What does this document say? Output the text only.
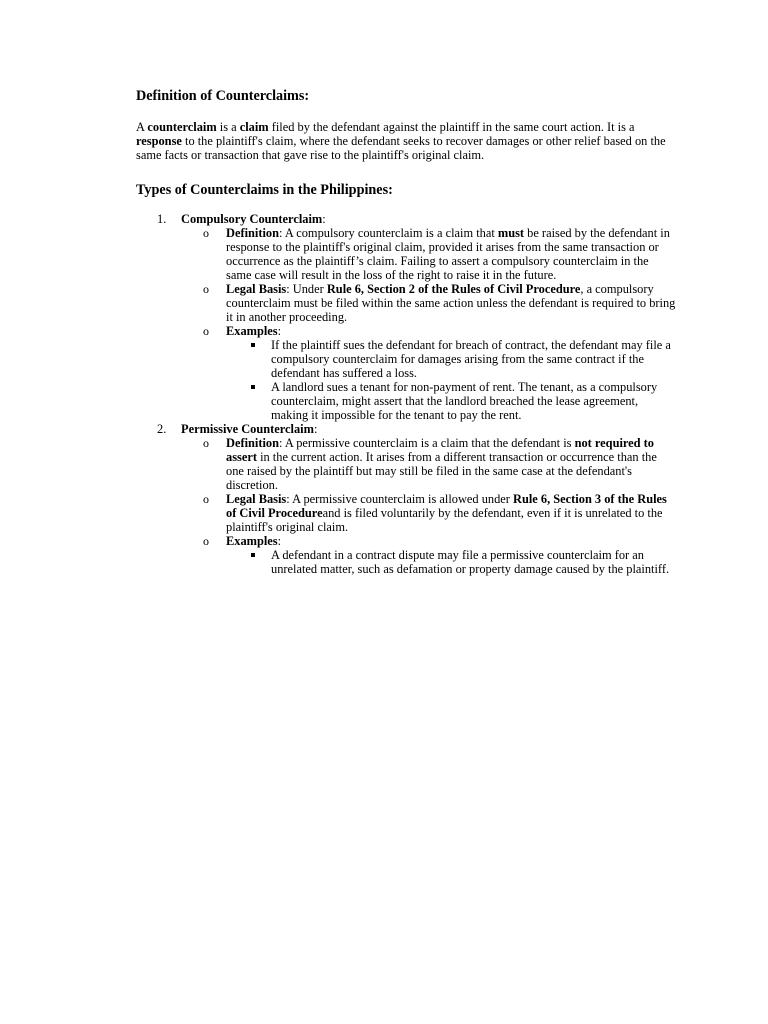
Definition of Counterclaims:

A counterclaim is a claim filed by the defendant against the plaintiff in the same court action. It is a response to the plaintiff's claim, where the defendant seeks to recover damages or other relief based on the same facts or transaction that gave rise to the plaintiff's original claim.

Types of Counterclaims in the Philippines:
1. Compulsory Counterclaim:
o Definition: A compulsory counterclaim is a claim that must be raised by the defendant in response to the plaintiff's original claim, provided it arises from the same transaction or occurrence as the plaintiff’s claim. Failing to assert a compulsory counterclaim in the same case will result in the loss of the right to raise it in the future.
o Legal Basis: Under Rule 6, Section 2 of the Rules of Civil Procedure, a compulsory counterclaim must be filed within the same action unless the defendant is required to bring it in another proceeding.
o Examples:
If the plaintiff sues the defendant for breach of contract, the defendant may file a compulsory counterclaim for damages arising from the same contract if the defendant has suffered a loss.
A landlord sues a tenant for non-payment of rent. The tenant, as a compulsory counterclaim, might assert that the landlord breached the lease agreement, making it impossible for the tenant to pay the rent.
2. Permissive Counterclaim:
o Definition: A permissive counterclaim is a claim that the defendant is not required to assert in the current action. It arises from a different transaction or occurrence than the one raised by the plaintiff but may still be filed in the same case at the defendant's discretion.
o Legal Basis: A permissive counterclaim is allowed under Rule 6, Section 3 of the Rules of Civil Procedureand is filed voluntarily by the defendant, even if it is unrelated to the plaintiff's original claim.
o Examples:
A defendant in a contract dispute may file a permissive counterclaim for an unrelated matter, such as defamation or property damage caused by the plaintiff.
